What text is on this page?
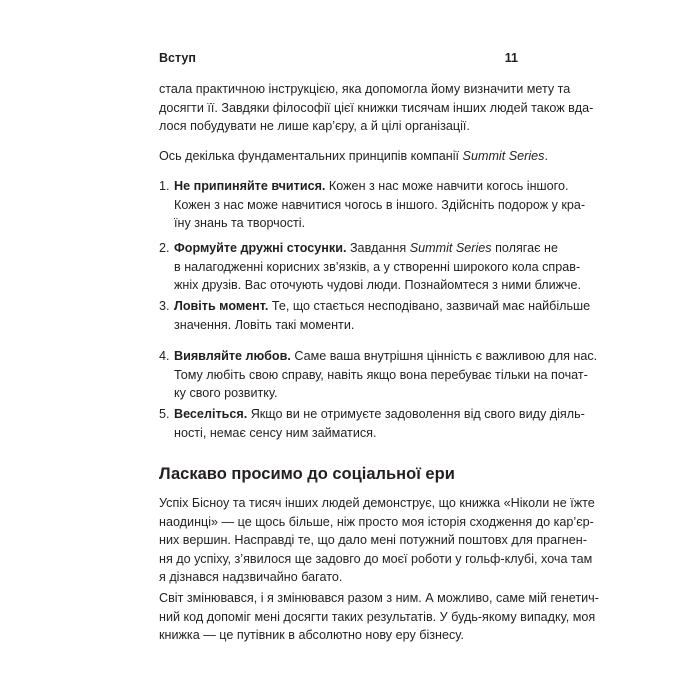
Вступ	11
стала практичною інструкцією, яка допомогла йому визначити мету та
досягти її. Завдяки філософії цієї книжки тисячам інших людей також вда-
лося побудувати не лише кар’єру, а й цілі організації.
Ось декілька фундаментальних принципів компанії Summit Series.
1. Не припиняйте вчитися. Кожен з нас може навчити когось іншого.
Кожен з нас може навчитися чогось в іншого. Здійсніть подорож у кра-
їну знань та творчості.
2. Формуйте дружні стосунки. Завдання Summit Series полягає не
в налагодженні корисних зв’язків, а у створенні широкого кола справ-
жніх друзів. Вас оточують чудові люди. Познайомтеся з ними ближче.
3. Ловіть момент. Те, що стається несподівано, зазвичай має найбільше
значення. Ловіть такі моменти.
4. Виявляйте любов. Саме ваша внутрішня цінність є важливою для нас.
Тому любіть свою справу, навіть якщо вона перебуває тільки на почат-
ку свого розвитку.
5. Веселіться. Якщо ви не отримуєте задоволення від свого виду діяль-
ності, немає сенсу ним займатися.
Ласкаво просимо до соціальної ери
Успіх Бісноу та тисяч інших людей демонструє, що книжка «Ніколи не їжте
наодинці» — це щось більше, ніж просто моя історія сходження до кар’єр-
них вершин. Насправді те, що дало мені потужний поштовх для прагнен-
ня до успіху, з’явилося ще задовго до моєї роботи у гольф-клубі, хоча там
я дізнався надзвичайно багато.
Світ змінювався, і я змінювався разом з ним. А можливо, саме мій генетич-
ний код допоміг мені досягти таких результатів. У будь-якому випадку, моя
книжка — це путівник в абсолютно нову еру бізнесу.
